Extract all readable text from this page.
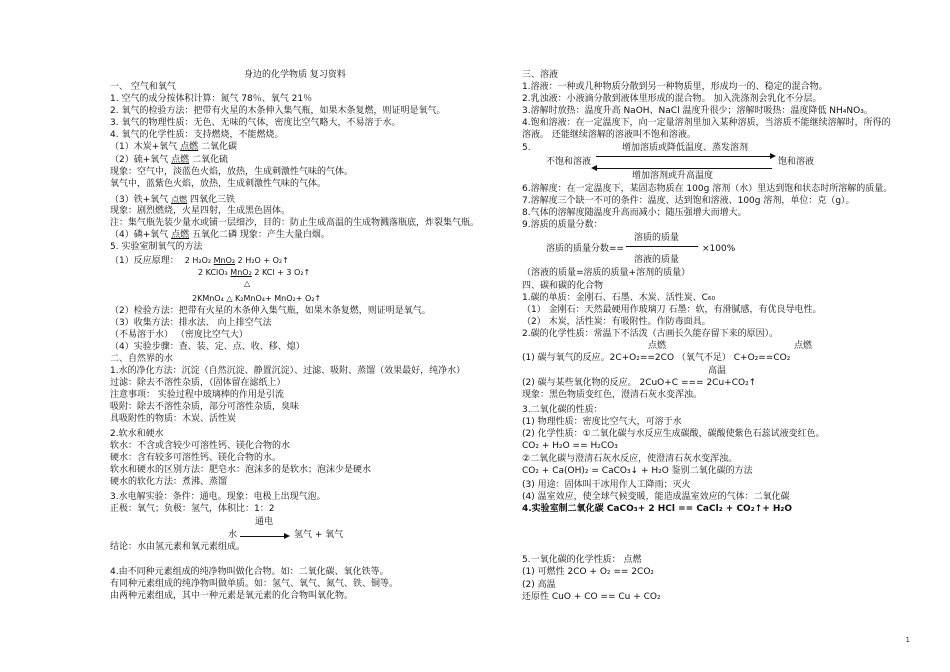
身边的化学物质 复习资料
一、 空气和氧气
1. 空气的成分按体积计算：氮气 78％、氧气 21％
2. 氧气的检验方法：把带有火星的木条伸入集气瓶，如果木条复燃，则证明是氧气。
3. 氧气的物理性质：无色、无味的气体，密度比空气略大，不易溶于水。
4. 氧气的化学性质：支持燃烧，不能燃烧。
（1）木炭+氧气 点燃 二氧化碳
（2）硫+氧气 点燃 二氧化硫
现象：空气中，淡蓝色火焰，放热，生成刺激性气味的气体。
氧气中，蓝紫色火焰，放热，生成刺激性气味的气体。
（3）铁+氧气 点燃 四氧化三铁
现象：剧烈燃烧，火星四射，生成黑色固体。
注：集气瓶先装少量水或铺一层细沙，目的：防止生成高温的生成物溅落瓶底，炸裂集气瓶。
（4）磷+氧气 点燃 五氧化二磷 现象：产生大量白烟。
5. 实验室制氧气的方法
（1）反应原理： 2 H₂O₂ MnO₂ 2 H₂O + O₂↑
2 KClO₃ MnO₂ 2 KCl + 3 O₂↑
△
2KMnO₄ △ K₂MnO₄+ MnO₂+ O₂↑
（2）检验方法：把带有火星的木条伸入集气瓶，如果木条复燃，则证明是氧气。
（3）收集方法：排水法、 向上排空气法
（不易溶于水） （密度比空气大）
（4）实验步骤：查、装、定、点、收、移、熄）
二、自然界的水
1.水的净化方法：沉淀（自然沉淀、静置沉淀）、过滤、吸附、蒸馏（效果最好，纯净水）
过滤：除去不溶性杂质，（固体留在滤纸上）
注意事项： 实验过程中玻璃棒的作用是引流
吸附：除去不溶性杂质，部分可溶性杂质，臭味
具吸附性的物质：木炭、活性炭
2.软水和硬水
软水：不含或含较少可溶性钙、镁化合物的水
硬水：含有较多可溶性钙、镁化合物的水。
软水和硬水的区别方法：肥皂水：泡沫多的是软水；泡沫少是硬水
硬水的软化方法：煮沸、蒸馏
3.水电解实验：条件：通电。现象：电极上出现气泡。
正极：氧气；负极：氢气，体积比：1：2
通电
水	氢气 + 氧气
结论：水由氢元素和氧元素组成。
4.由不同种元素组成的纯净物叫做化合物。如：二氧化碳、氧化铁等。
有同种元素组成的纯净物叫做单质。如：氢气、氧气、氮气、铁、铜等。
由两种元素组成，其中一种元素是氧元素的化合物叫氧化物。
三、溶液
1.溶液：一种或几种物质分散到另一种物质里，形成均一的、稳定的混合物。
2.乳浊液：小液滴分散到液体里形成的混合物。 加入洗涤剂会乳化不分层。
3.溶解时放热：温度升高 NaOH、NaCl 温度升很少；溶解时吸热：温度降低 NH₄NO₃。
4.饱和溶液：在一定温度下，向一定量溶剂里加入某种溶质，当溶质不能继续溶解时，所得的
溶液。 还能继续溶解的溶液叫不饱和溶液。
5.	增加溶质或降低温度、蒸发溶剂
不饱和溶液	饱和溶液
增加溶剂或升高温度
6.溶解度：在一定温度下，某固态物质在 100g 溶剂（水）里达到饱和状态时所溶解的质量。
7.溶解度三个缺一不可的条件：温度、达到饱和溶液、100g 溶剂，单位：克（g）。
8.气体的溶解度随温度升高而减小；随压强增大而增大。
9.溶质的质量分数：
溶质的质量
溶质的质量分数==	×100%
溶液的质量
（溶液的质量=溶质的质量+溶剂的质量）
四、碳和碳的化合物
1.碳的单质：金刚石、石墨、木炭、活性炭、C₆₀
（1） 金刚石：天然最硬用作玻璃刀 石墨：软，有滑腻感，有优良导电性。
（2） 木炭，活性炭：有吸附性。作防毒面具。
2.碳的化学性质：常温下不活泼（古画长久能存留下来的原因）。
点燃	点燃
(1) 碳与氧气的反应。2C+O₂==2CO （氧气不足） C+O₂==CO₂
高温
(2) 碳与某些氧化物的反应。 2CuO+C === 2Cu+CO₂↑
现象：黑色物质变红色，澄清石灰水变浑浊。
3.二氧化碳的性质：
(1) 物理性质：密度比空气大，可溶于水
(2) 化学性质：①二氧化碳与水反应生成碳酸，碳酸使紫色石蕊试液变红色。
CO₂ + H₂O == H₂CO₃
②二氧化碳与澄清石灰水反应，使澄清石灰水变浑浊。
CO₂ + Ca(OH)₂ = CaCO₃↓ + H₂O 鉴别二氧化碳的方法
(3) 用途：固体叫干冰用作人工降雨；灭火
(4) 温室效应，使全球气候变暖，能造成温室效应的气体：二氧化碳
4.实验室制二氧化碳 CaCO₃+ 2 HCl == CaCl₂ + CO₂↑+ H₂O
5.一氧化碳的化学性质： 点燃
(1) 可燃性 2CO + O₂ == 2CO₂
(2) 高温
还原性 CuO + CO == Cu + CO₂
1
